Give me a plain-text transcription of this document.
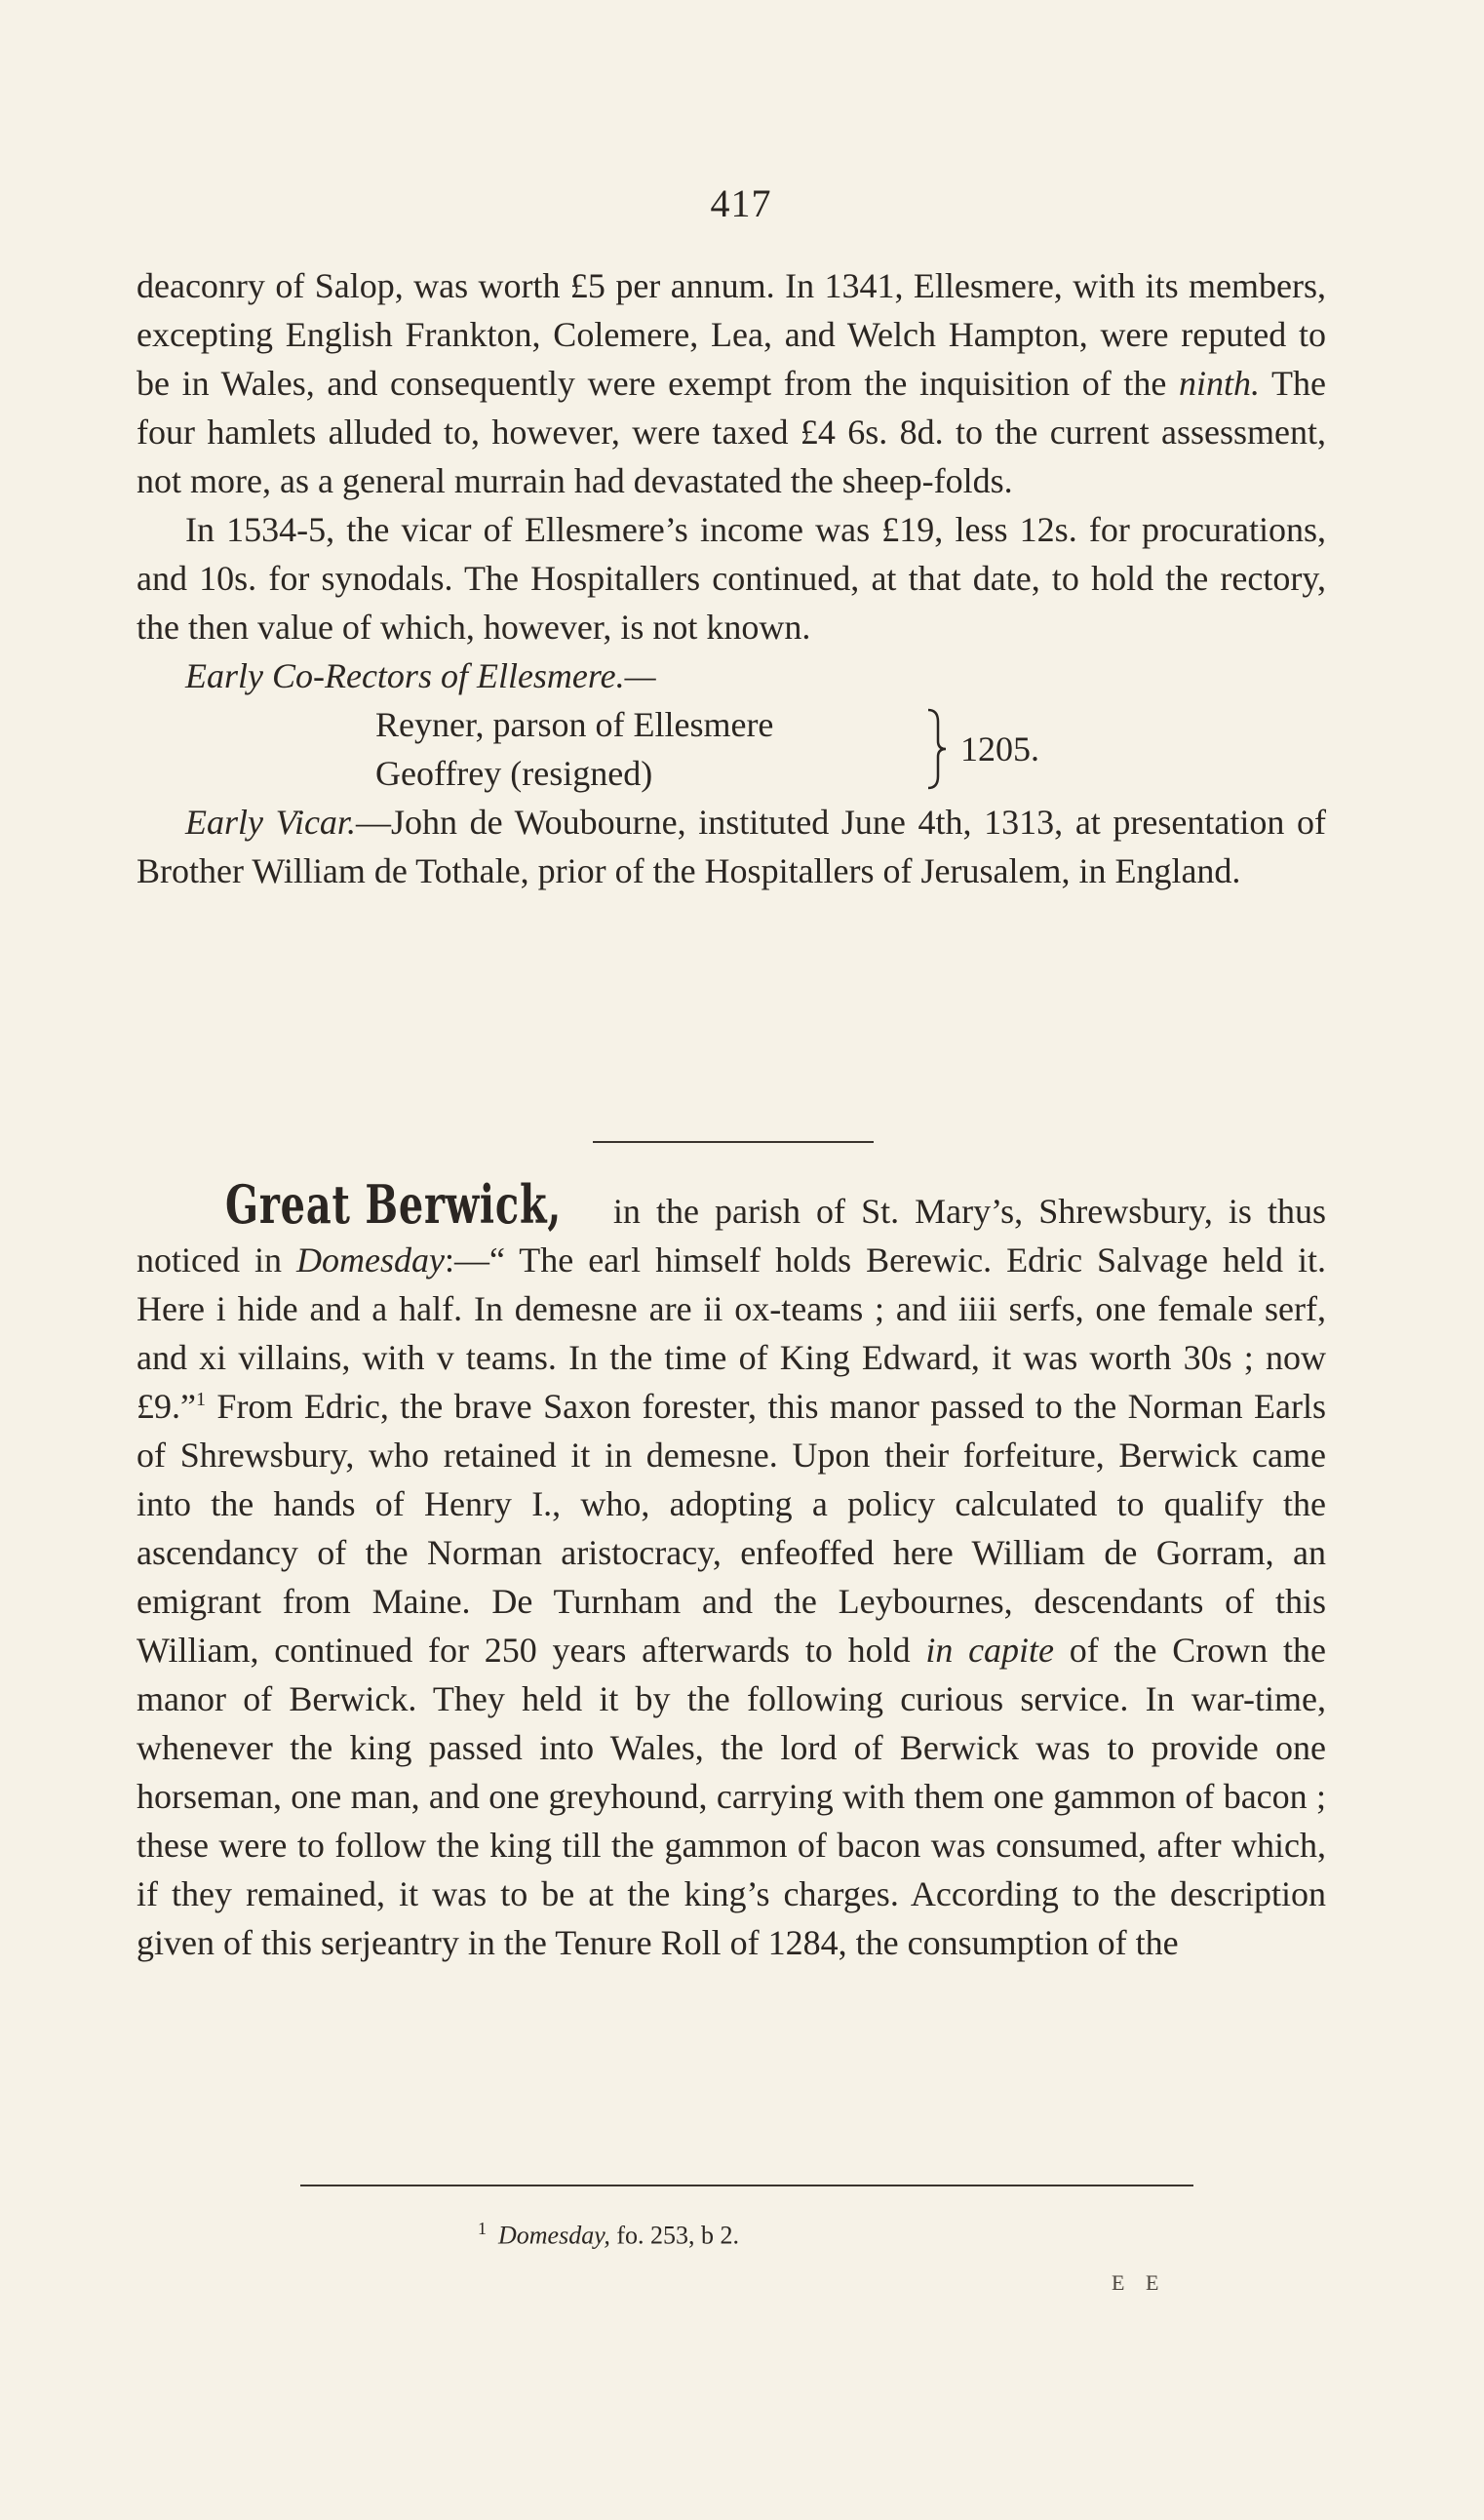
417

deaconry of Salop, was worth £5 per annum. In 1341, Ellesmere, with its members, excepting English Frankton, Colemere, Lea, and Welch Hampton, were reputed to be in Wales, and consequently were exempt from the inquisition of the ninth. The four hamlets alluded to, however, were taxed £4 6s. 8d. to the current assessment, not more, as a general murrain had devastated the sheep-folds.

In 1534-5, the vicar of Ellesmere’s income was £19, less 12s. for procurations, and 10s. for synodals. The Hospitallers continued, at that date, to hold the rectory, the then value of which, however, is not known.

Early Co-Rectors of Ellesmere.—

Reyner, parson of Ellesmere
Geoffrey (resigned)
1205.

Early Vicar.—John de Woubourne, instituted June 4th, 1313, at presentation of Brother William de Tothale, prior of the Hospitallers of Jerusalem, in England.

Great Berwick, in the parish of St. Mary’s, Shrewsbury, is thus noticed in Domesday:—“ The earl himself holds Berewic. Edric Salvage held it. Here i hide and a half. In demesne are ii ox-teams ; and iiii serfs, one female serf, and xi villains, with v teams. In the time of King Edward, it was worth 30s ; now £9.”$^1$ From Edric, the brave Saxon forester, this manor passed to the Norman Earls of Shrewsbury, who retained it in demesne. Upon their forfeiture, Berwick came into the hands of Henry I., who, adopting a policy calculated to qualify the ascendancy of the Norman aristocracy, enfeoffed here William de Gorram, an emigrant from Maine. De Turnham and the Leybournes, descendants of this William, continued for 250 years afterwards to hold in capite of the Crown the manor of Berwick. They held it by the following curious service. In war-time, whenever the king passed into Wales, the lord of Berwick was to provide one horseman, one man, and one greyhound, carrying with them one gammon of bacon ; these were to follow the king till the gammon of bacon was consumed, after which, if they remained, it was to be at the king’s charges. According to the description given of this serjeantry in the Tenure Roll of 1284, the consumption of the

$^1$ Domesday, fo. 253, b 2.
E E
